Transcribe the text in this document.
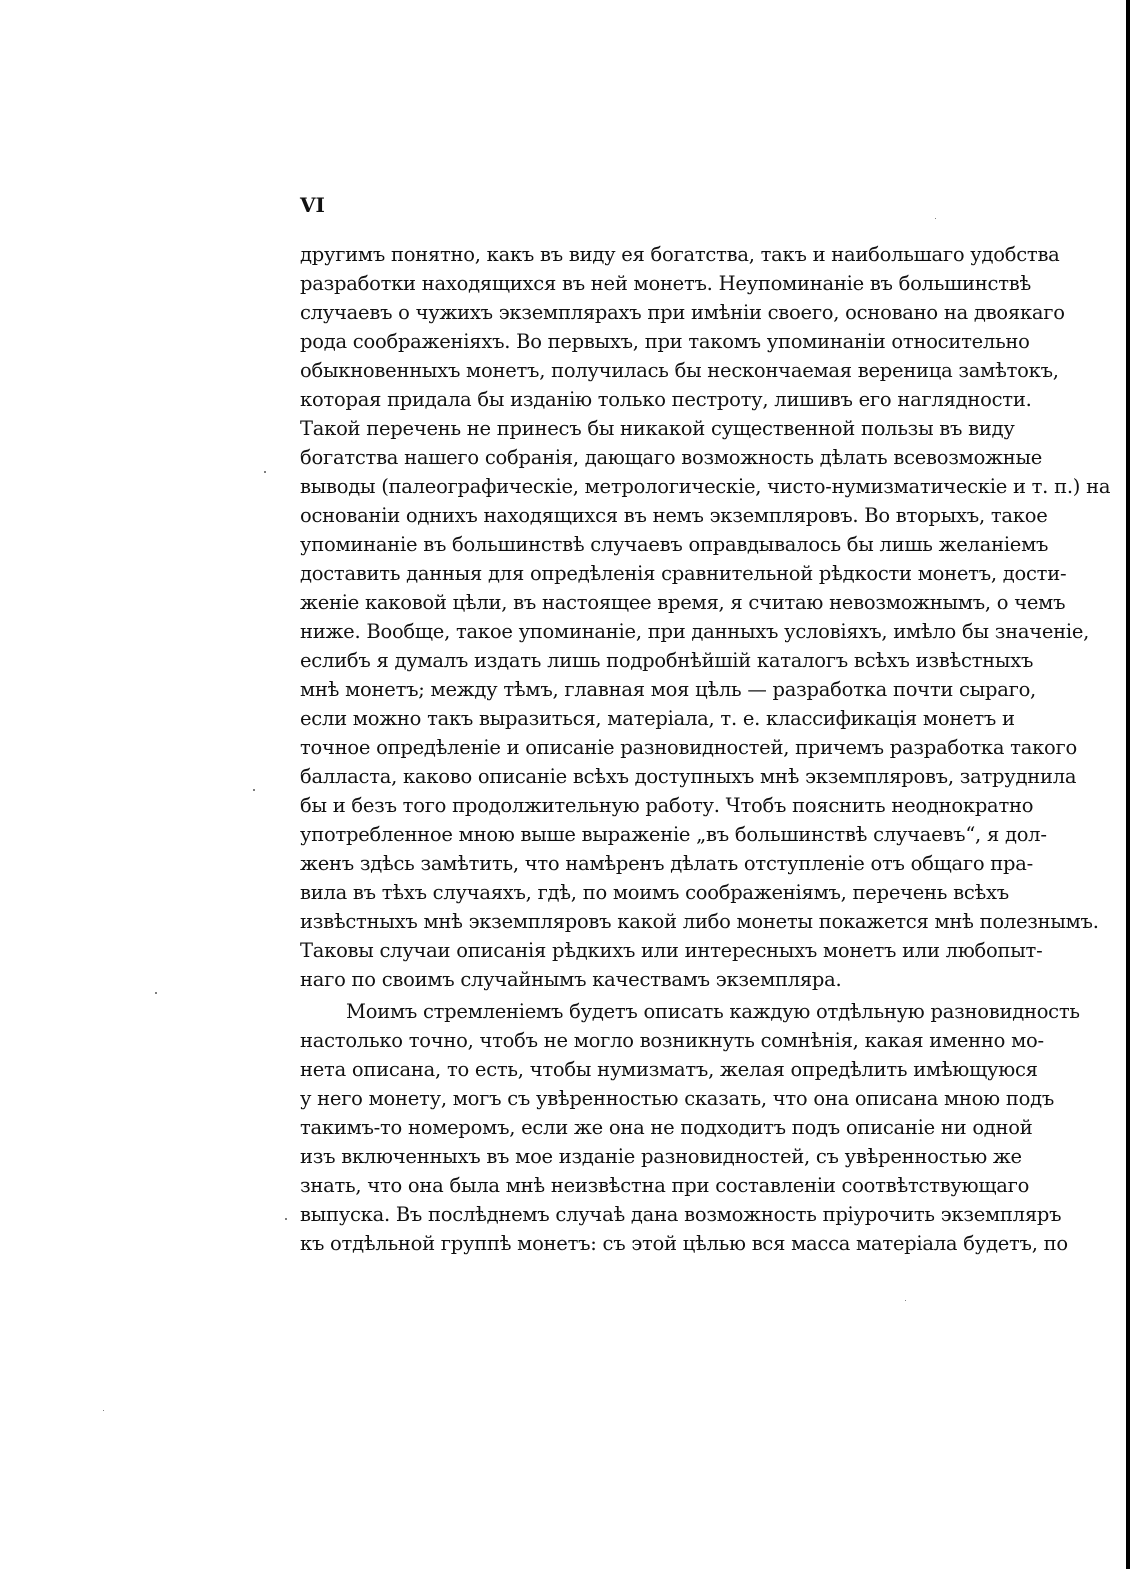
VI
другимъ понятно, какъ въ виду ея богатства, такъ и наибольшаго удобства
разработки находящихся въ ней монетъ. Неупоминаніе въ большинствѣ
случаевъ о чужихъ экземплярахъ при имѣніи своего, основано на двоякаго
рода соображеніяхъ. Во первыхъ, при такомъ упоминаніи относительно
обыкновенныхъ монетъ, получилась бы нескончаемая вереница замѣтокъ,
которая придала бы изданію только пестроту, лишивъ его наглядности.
Такой перечень не принесъ бы никакой существенной пользы въ виду
богатства нашего собранія, дающаго возможность дѣлать всевозможные
выводы (палеографическіе, метрологическіе, чисто-нумизматическіе и т. п.) на
основаніи однихъ находящихся въ немъ экземпляровъ. Во вторыхъ, такое
упоминаніе въ большинствѣ случаевъ оправдывалось бы лишь желаніемъ
доставить данныя для опредѣленія сравнительной рѣдкости монетъ, дости-
женіе каковой цѣли, въ настоящее время, я считаю невозможнымъ, о чемъ
ниже. Вообще, такое упоминаніе, при данныхъ условіяхъ, имѣло бы значеніе,
еслибъ я думалъ издать лишь подробнѣйшій каталогъ всѣхъ извѣстныхъ
мнѣ монетъ; между тѣмъ, главная моя цѣль — разработка почти сыраго,
если можно такъ выразиться, матеріала, т. е. классификація монетъ и
точное опредѣленіе и описаніе разновидностей, причемъ разработка такого
балласта, каково описаніе всѣхъ доступныхъ мнѣ экземпляровъ, затруднила
бы и безъ того продолжительную работу. Чтобъ пояснить неоднократно
употребленное мною выше выраженіе „въ большинствѣ случаевъ“, я дол-
женъ здѣсь замѣтить, что намѣренъ дѣлать отступленіе отъ общаго пра-
вила въ тѣхъ случаяхъ, гдѣ, по моимъ соображеніямъ, перечень всѣхъ
извѣстныхъ мнѣ экземпляровъ какой либо монеты покажется мнѣ полезнымъ.
Таковы случаи описанія рѣдкихъ или интересныхъ монетъ или любопыт-
наго по своимъ случайнымъ качествамъ экземпляра.
Моимъ стремленіемъ будетъ описать каждую отдѣльную разновидность
настолько точно, чтобъ не могло возникнуть сомнѣнія, какая именно мо-
нета описана, то есть, чтобы нумизматъ, желая опредѣлить имѣющуюся
у него монету, могъ съ увѣренностью сказать, что она описана мною подъ
такимъ-то номеромъ, если же она не подходитъ подъ описаніе ни одной
изъ включенныхъ въ мое изданіе разновидностей, съ увѣренностью же
знать, что она была мнѣ неизвѣстна при составленіи соотвѣтствующаго
выпуска. Въ послѣднемъ случаѣ дана возможность пріурочить экземпляръ
къ отдѣльной группѣ монетъ: съ этой цѣлью вся масса матеріала будетъ, по
